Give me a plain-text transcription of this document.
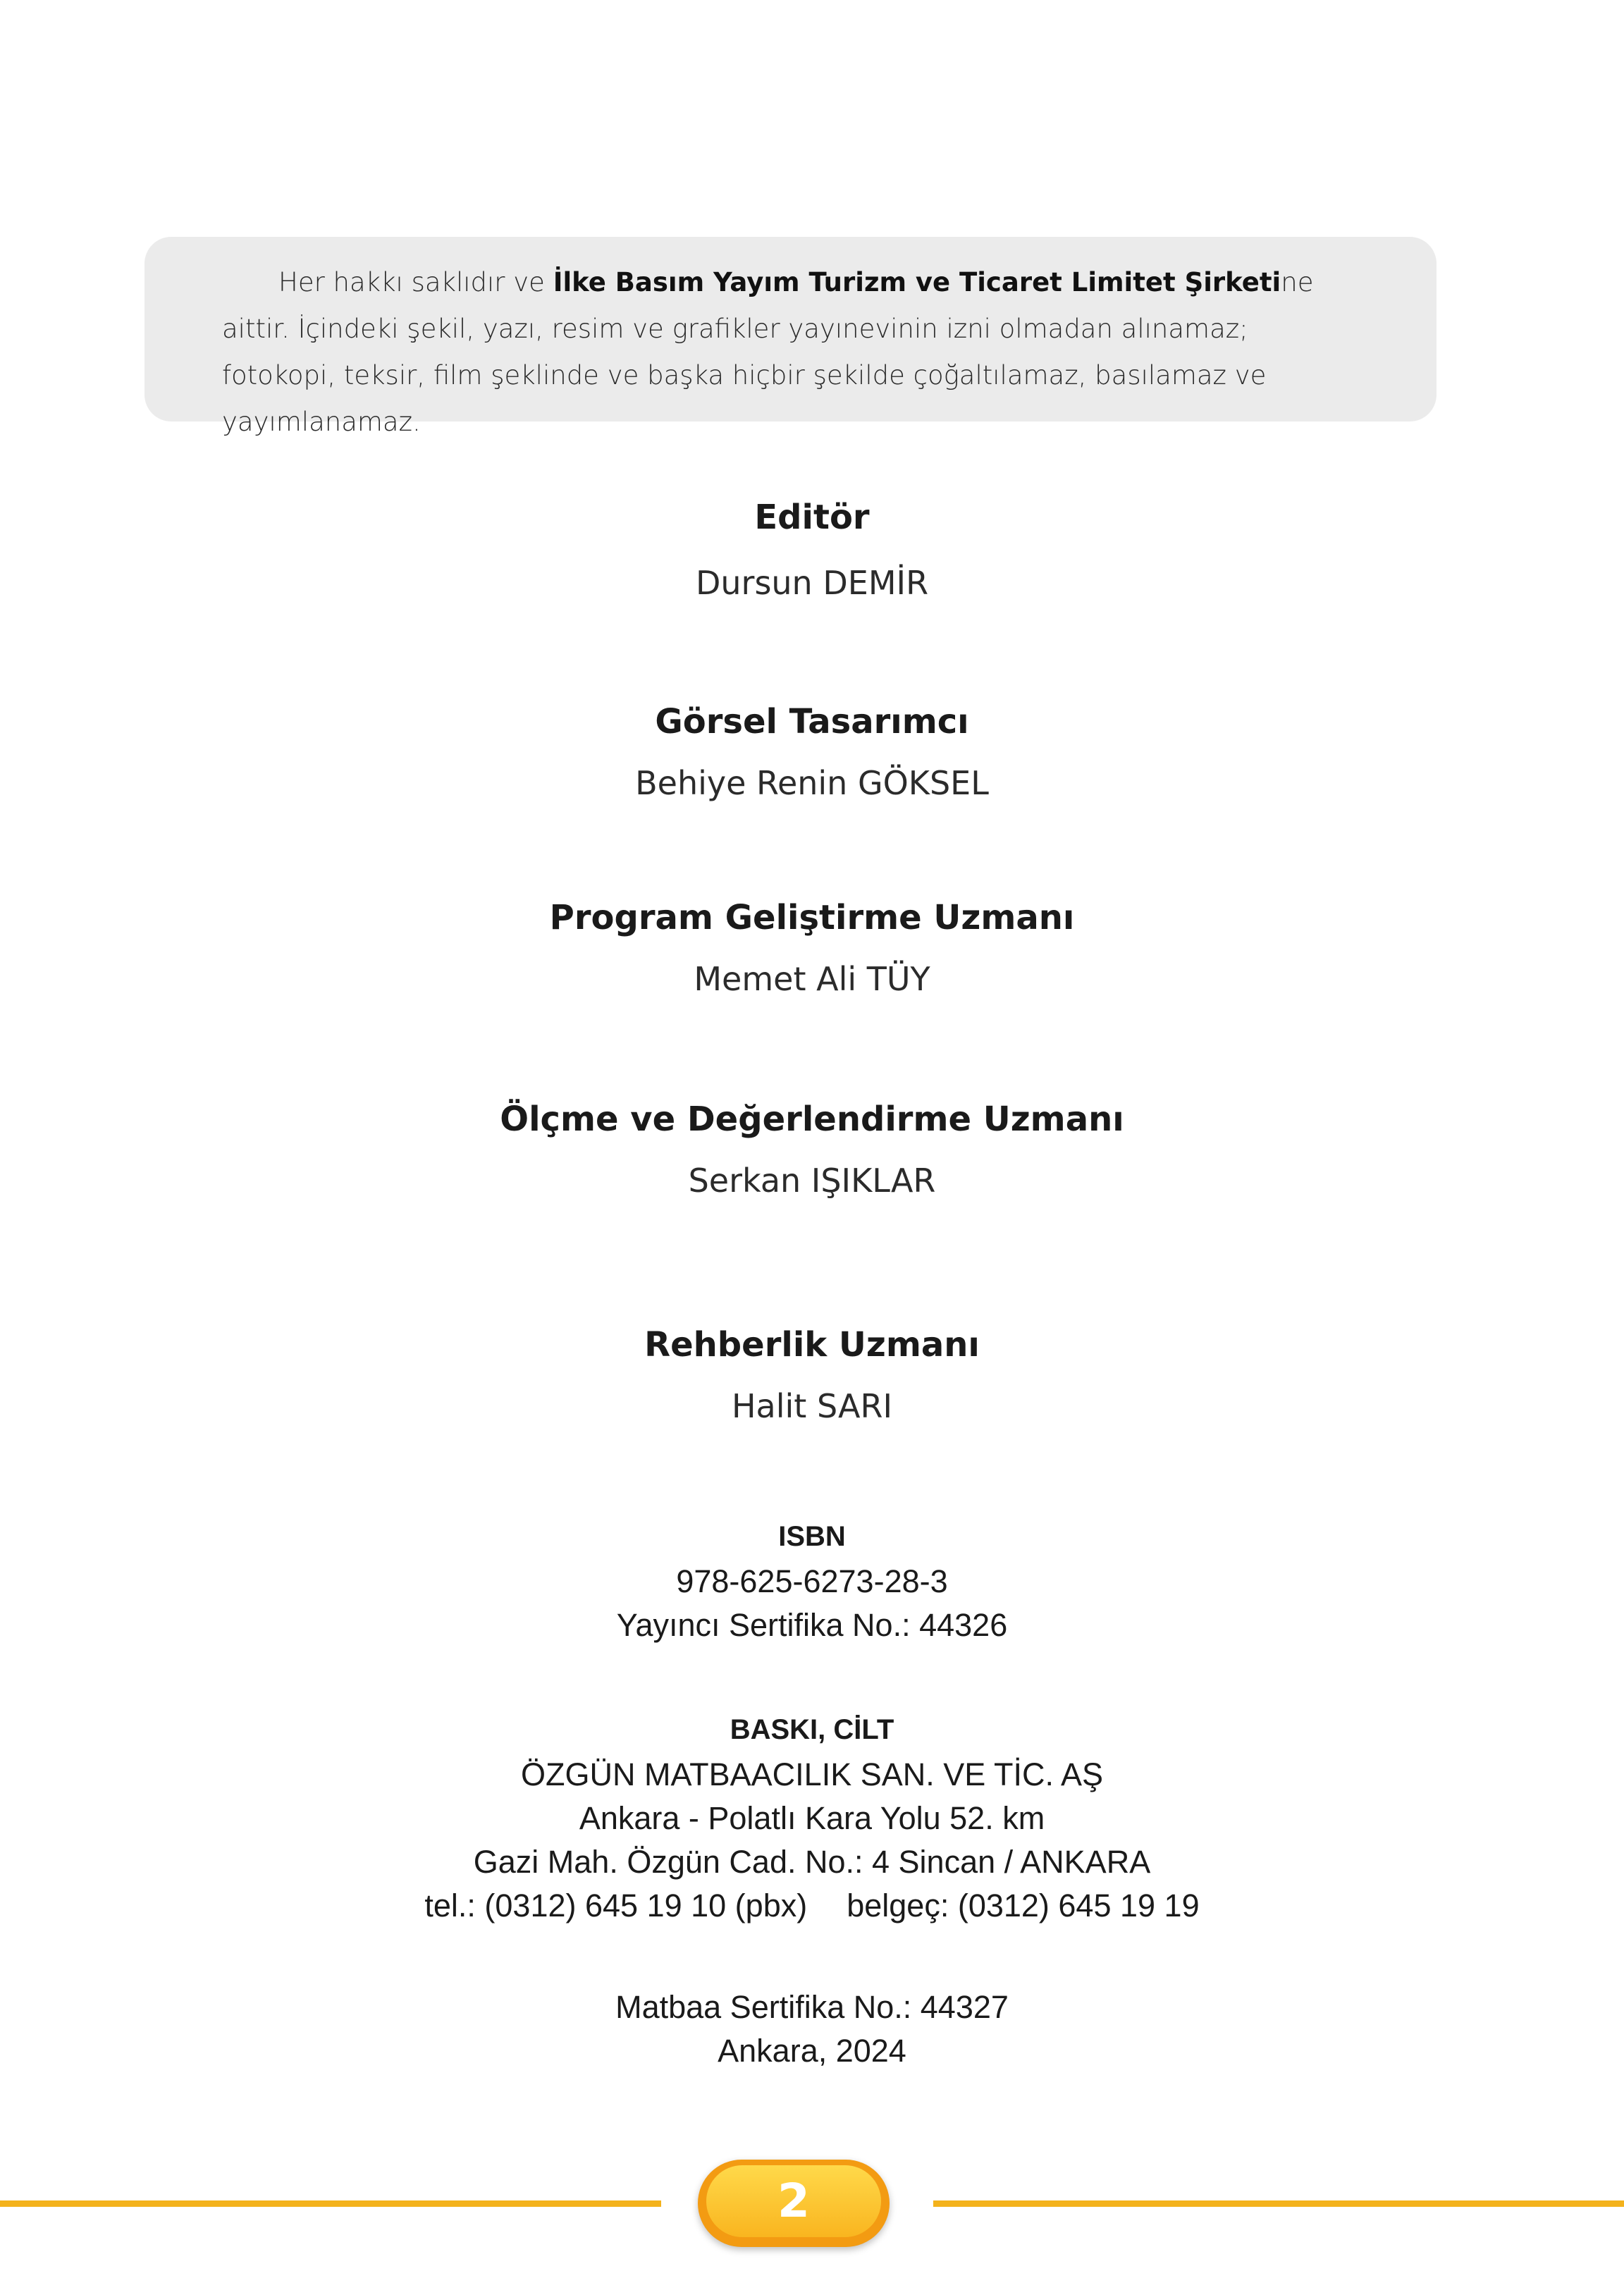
Her hakkı saklıdır ve İlke Basım Yayım Turizm ve Ticaret Limitet Şirketine aittir. İçindeki şekil, yazı, resim ve grafikler yayınevinin izni olmadan alınamaz; fotokopi, teksir, film şeklinde ve başka hiçbir şekilde çoğaltılamaz, basılamaz ve yayımlanamaz.

Editör
Dursun DEMİR
Görsel Tasarımcı
Behiye Renin GÖKSEL
Program Geliştirme Uzmanı
Memet Ali TÜY
Ölçme ve Değerlendirme Uzmanı
Serkan IŞIKLAR
Rehberlik Uzmanı
Halit SARI
ISBN
978-625-6273-28-3
Yayıncı Sertifika No.: 44326
BASKI, CİLT
ÖZGÜN MATBAACILIK SAN. VE TİC. AŞ
Ankara - Polatlı Kara Yolu 52. km
Gazi Mah. Özgün Cad. No.: 4 Sincan / ANKARA
tel.: (0312) 645 19 10 (pbx) belgeç: (0312) 645 19 19
Matbaa Sertifika No.: 44327
Ankara, 2024
2
